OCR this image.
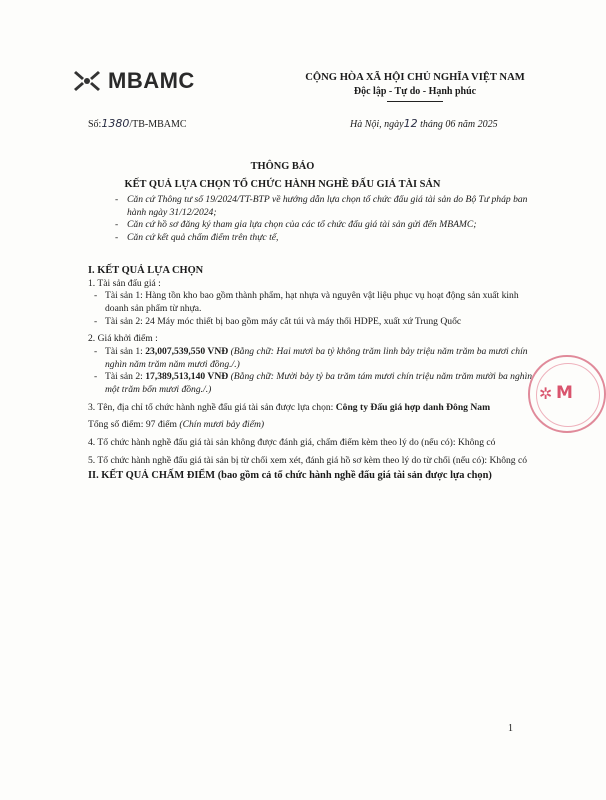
MBAMC	CỘNG HÒA XÃ HỘI CHỦ NGHĨA VIỆT NAM
Độc lập - Tự do - Hạnh phúc
Số:1380/TB-MBAMC	Hà Nội, ngày12 tháng 06 năm 2025
THÔNG BÁO
KẾT QUẢ LỰA CHỌN TỔ CHỨC HÀNH NGHỀ ĐẤU GIÁ TÀI SẢN
- Căn cứ Thông tư số 19/2024/TT-BTP về hướng dẫn lựa chọn tổ chức đấu giá tài sản do Bộ Tư pháp ban hành ngày 31/12/2024;
- Căn cứ hồ sơ đăng ký tham gia lựa chọn của các tổ chức đấu giá tài sản gửi đến MBAMC;
- Căn cứ kết quả chấm điểm trên thực tế,

I. KẾT QUẢ LỰA CHỌN

1. Tài sản đấu giá :

- Tài sản 1: Hàng tồn kho bao gồm thành phẩm, hạt nhựa và nguyên vật liệu phục vụ hoạt động sản xuất kinh doanh sản phẩm từ nhựa.

- Tài sản 2: 24 Máy móc thiết bị bao gồm máy cắt túi và máy thổi HDPE, xuất xứ Trung Quốc

2. Giá khởi điểm :

- Tài sản 1: 23,007,539,550 VNĐ (Bằng chữ: Hai mươi ba tỷ không trăm linh bảy triệu năm trăm ba mươi chín nghìn năm trăm năm mươi đồng./.)

- Tài sản 2: 17,389,513,140 VNĐ (Bằng chữ: Mười bảy tỷ ba trăm tám mươi chín triệu năm trăm mười ba nghìn một trăm bốn mươi đồng./.)

3. Tên, địa chỉ tổ chức hành nghề đấu giá tài sản được lựa chọn: Công ty Đấu giá hợp danh Đông Nam

Tổng số điểm: 97 điểm (Chín mươi bảy điểm)

4. Tổ chức hành nghề đấu giá tài sản không được đánh giá, chấm điểm kèm theo lý do (nếu có): Không có

5. Tổ chức hành nghề đấu giá tài sản bị từ chối xem xét, đánh giá hồ sơ kèm theo lý do từ chối (nếu có): Không có

II. KẾT QUẢ CHẤM ĐIỂM (bao gồm cả tổ chức hành nghề đấu giá tài sản được lựa chọn)

✲ M
1
